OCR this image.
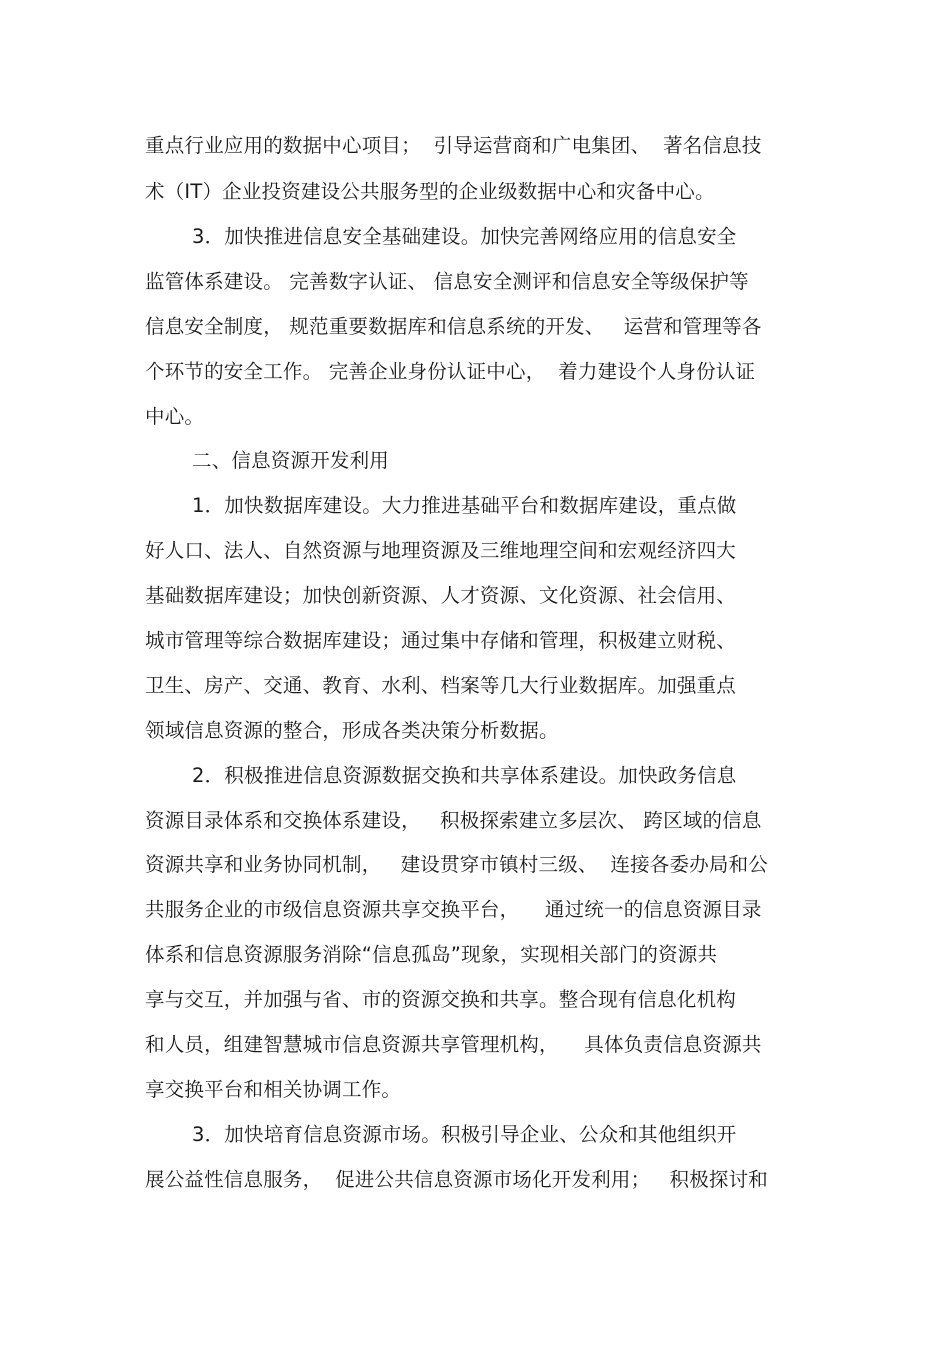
重点行业应用的数据中心项目；  引导运营商和广电集团、  著名信息技
术（IT）企业投资建设公共服务型的企业级数据中心和灾备中心。
3．加快推进信息安全基础建设。加快完善网络应用的信息安全
监管体系建设。 完善数字认证、 信息安全测评和信息安全等级保护等
信息安全制度， 规范重要数据库和信息系统的开发、   运营和管理等各
个环节的安全工作。 完善企业身份认证中心，  着力建设个人身份认证
中心。
二、信息资源开发利用
1．加快数据库建设。大力推进基础平台和数据库建设，重点做
好人口、法人、自然资源与地理资源及三维地理空间和宏观经济四大
基础数据库建设；加快创新资源、人才资源、文化资源、社会信用、
城市管理等综合数据库建设；通过集中存储和管理，积极建立财税、
卫生、房产、交通、教育、水利、档案等几大行业数据库。加强重点
领域信息资源的整合，形成各类决策分析数据。
2．积极推进信息资源数据交换和共享体系建设。加快政务信息
资源目录体系和交换体系建设，   积极探索建立多层次、 跨区域的信息
资源共享和业务协同机制，   建设贯穿市镇村三级、  连接各委办局和公
共服务企业的市级信息资源共享交换平台，    通过统一的信息资源目录
体系和信息资源服务消除“信息孤岛”现象，实现相关部门的资源共
享与交互，并加强与省、市的资源交换和共享。整合现有信息化机构
和人员，组建智慧城市信息资源共享管理机构，    具体负责信息资源共
享交换平台和相关协调工作。
3．加快培育信息资源市场。积极引导企业、公众和其他组织开
展公益性信息服务，  促进公共信息资源市场化开发利用；   积极探讨和
